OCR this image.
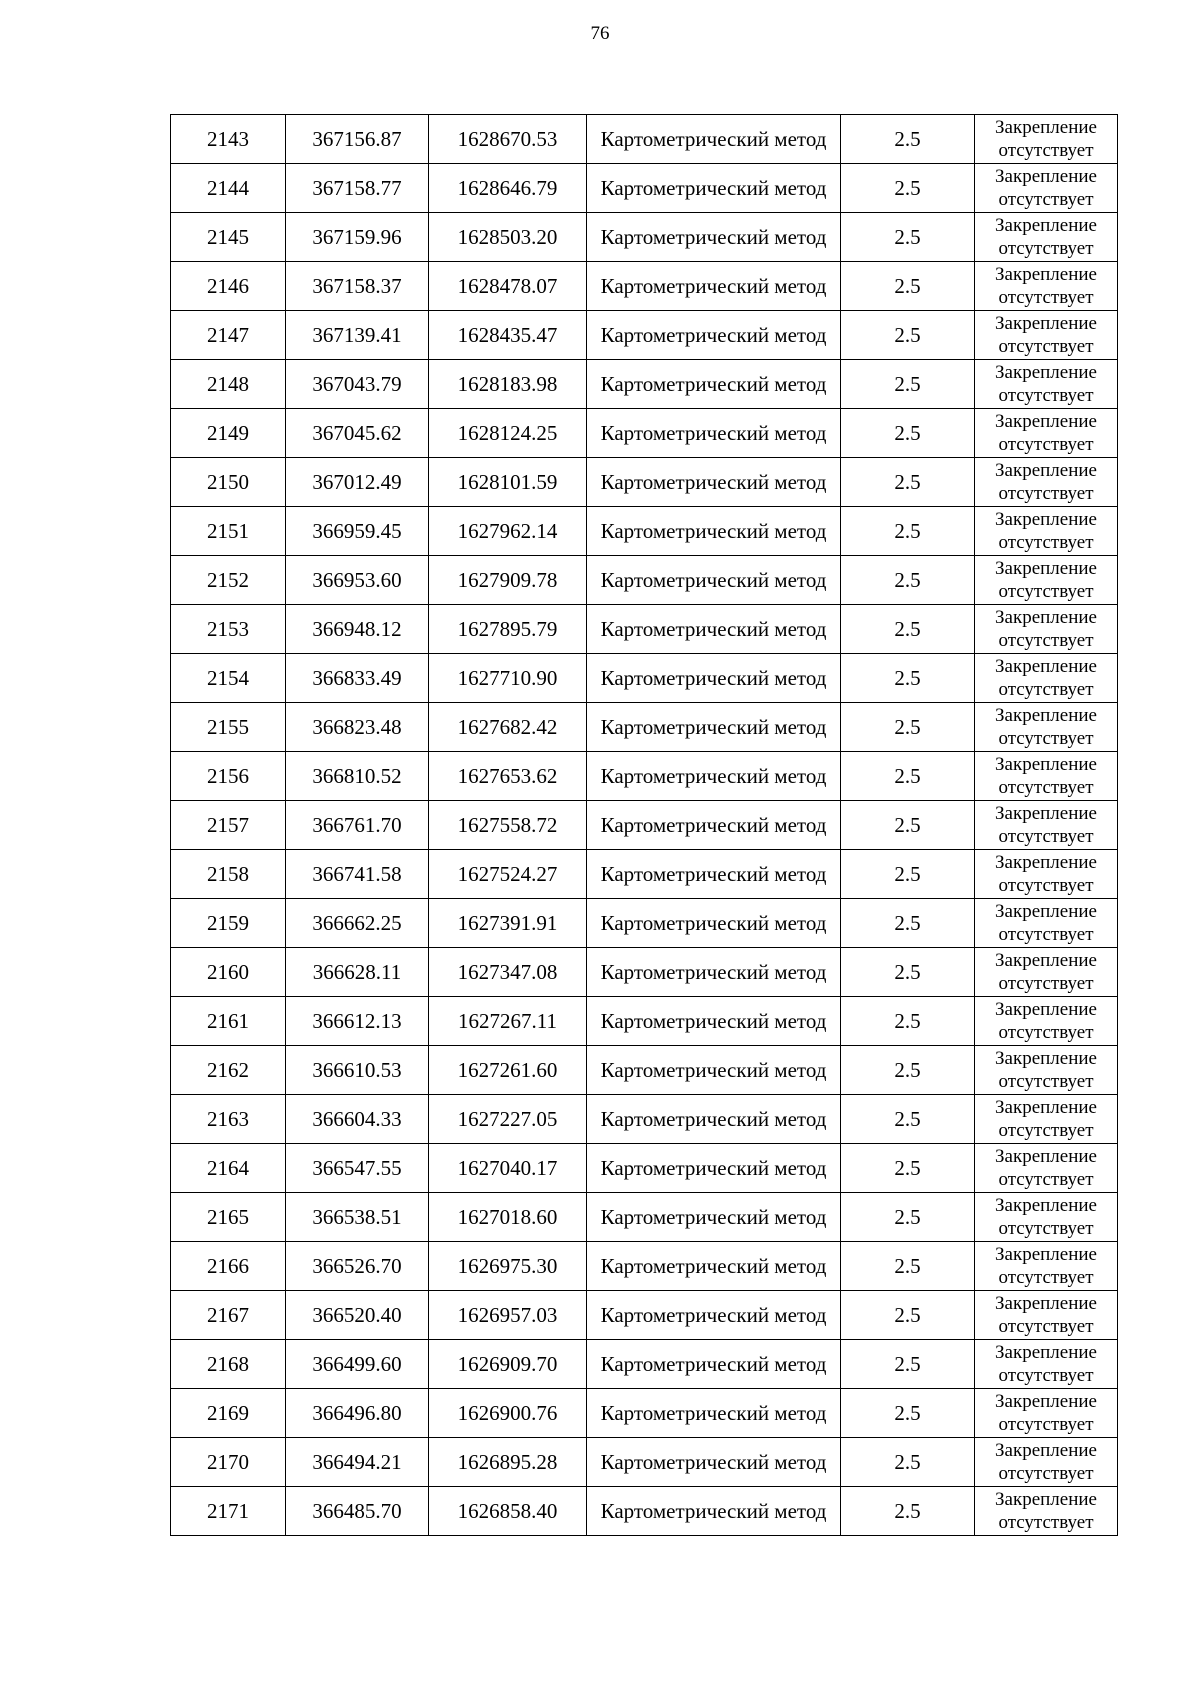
76
2143	367156.87	1628670.53	Картометрический метод	2.5	Закрепление отсутствует
2144	367158.77	1628646.79	Картометрический метод	2.5	Закрепление отсутствует
2145	367159.96	1628503.20	Картометрический метод	2.5	Закрепление отсутствует
2146	367158.37	1628478.07	Картометрический метод	2.5	Закрепление отсутствует
2147	367139.41	1628435.47	Картометрический метод	2.5	Закрепление отсутствует
2148	367043.79	1628183.98	Картометрический метод	2.5	Закрепление отсутствует
2149	367045.62	1628124.25	Картометрический метод	2.5	Закрепление отсутствует
2150	367012.49	1628101.59	Картометрический метод	2.5	Закрепление отсутствует
2151	366959.45	1627962.14	Картометрический метод	2.5	Закрепление отсутствует
2152	366953.60	1627909.78	Картометрический метод	2.5	Закрепление отсутствует
2153	366948.12	1627895.79	Картометрический метод	2.5	Закрепление отсутствует
2154	366833.49	1627710.90	Картометрический метод	2.5	Закрепление отсутствует
2155	366823.48	1627682.42	Картометрический метод	2.5	Закрепление отсутствует
2156	366810.52	1627653.62	Картометрический метод	2.5	Закрепление отсутствует
2157	366761.70	1627558.72	Картометрический метод	2.5	Закрепление отсутствует
2158	366741.58	1627524.27	Картометрический метод	2.5	Закрепление отсутствует
2159	366662.25	1627391.91	Картометрический метод	2.5	Закрепление отсутствует
2160	366628.11	1627347.08	Картометрический метод	2.5	Закрепление отсутствует
2161	366612.13	1627267.11	Картометрический метод	2.5	Закрепление отсутствует
2162	366610.53	1627261.60	Картометрический метод	2.5	Закрепление отсутствует
2163	366604.33	1627227.05	Картометрический метод	2.5	Закрепление отсутствует
2164	366547.55	1627040.17	Картометрический метод	2.5	Закрепление отсутствует
2165	366538.51	1627018.60	Картометрический метод	2.5	Закрепление отсутствует
2166	366526.70	1626975.30	Картометрический метод	2.5	Закрепление отсутствует
2167	366520.40	1626957.03	Картометрический метод	2.5	Закрепление отсутствует
2168	366499.60	1626909.70	Картометрический метод	2.5	Закрепление отсутствует
2169	366496.80	1626900.76	Картометрический метод	2.5	Закрепление отсутствует
2170	366494.21	1626895.28	Картометрический метод	2.5	Закрепление отсутствует
2171	366485.70	1626858.40	Картометрический метод	2.5	Закрепление отсутствует
